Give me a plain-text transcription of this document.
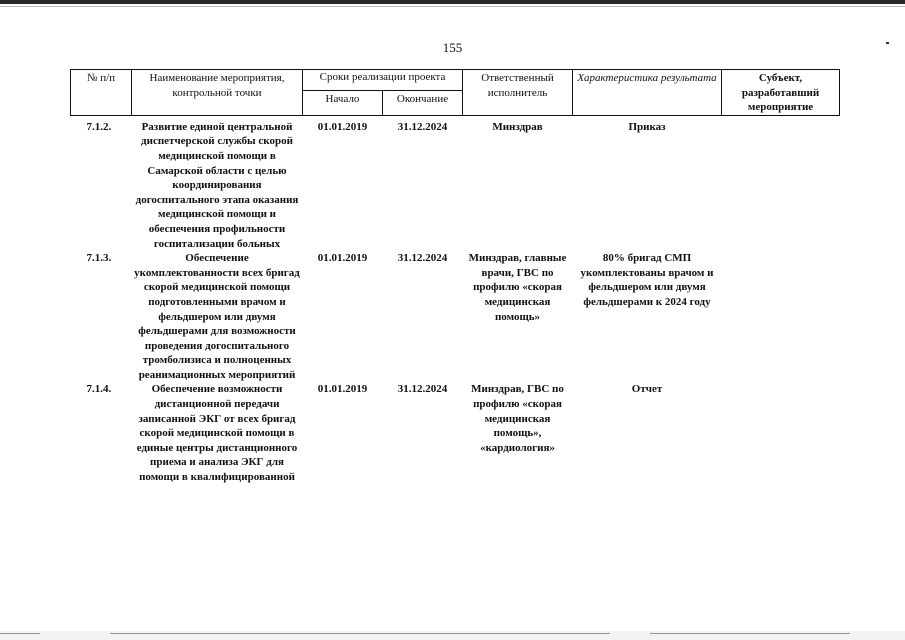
155
№ п/п	Наименование мероприятия, контрольной точки	Сроки реализации проекта		Ответственный исполнитель	Характеристика результата	Субъект, разработавший мероприятие
		Начало	Окончание			
7.1.2.	Развитие единой центральной диспетчерской службы скорой медицинской помощи в Самарской области с целью координирования догоспитального этапа оказания медицинской помощи и обеспечения профильности госпитализации больных	01.01.2019	31.12.2024	Минздрав	Приказ	
7.1.3.	Обеспечение укомплектованности всех бригад скорой медицинской помощи подготовленными врачом и фельдшером или двумя фельдшерами для возможности проведения догоспитального тромболизиса и полноценных реанимационных мероприятий	01.01.2019	31.12.2024	Минздрав, главные врачи, ГВС по профилю «скорая медицинская помощь»	80% бригад СМП укомплектованы врачом и фельдшером или двумя фельдшерами к 2024 году	
7.1.4.	Обеспечение возможности дистанционной передачи записанной ЭКГ от всех бригад скорой медицинской помощи в единые центры дистанционного приема и анализа ЭКГ для помощи в квалифицированной	01.01.2019	31.12.2024	Минздрав, ГВС по профилю «скорая медицинская помощь», «кардиология»	Отчет	
